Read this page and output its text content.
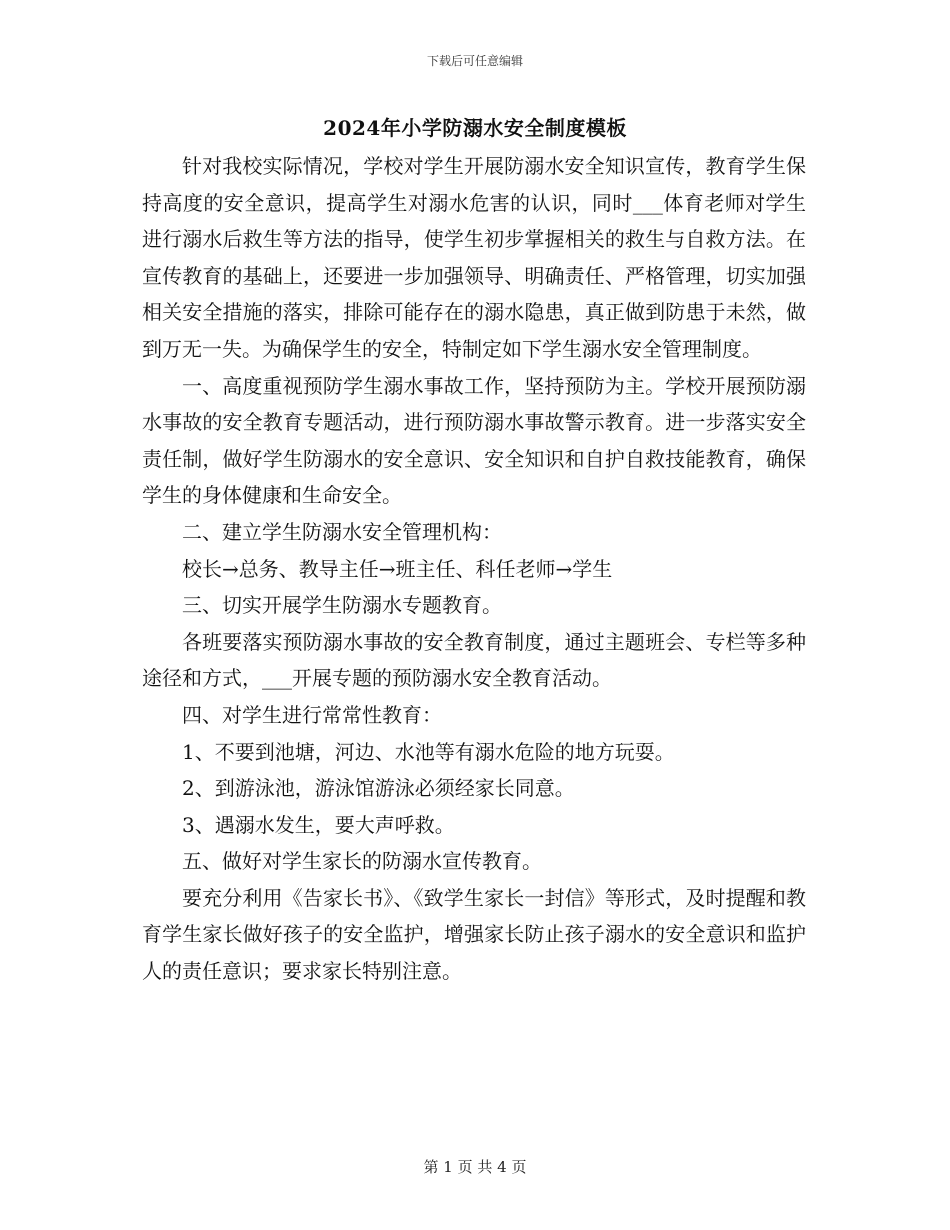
下载后可任意编辑
2024年小学防溺水安全制度模板

针对我校实际情况，学校对学生开展防溺水安全知识宣传，教育学生保持高度的安全意识，提高学生对溺水危害的认识，同时___体育老师对学生进行溺水后救生等方法的指导，使学生初步掌握相关的救生与自救方法。在宣传教育的基础上，还要进一步加强领导、明确责任、严格管理，切实加强相关安全措施的落实，排除可能存在的溺水隐患，真正做到防患于未然，做到万无一失。为确保学生的安全，特制定如下学生溺水安全管理制度。

一、高度重视预防学生溺水事故工作，坚持预防为主。学校开展预防溺水事故的安全教育专题活动，进行预防溺水事故警示教育。进一步落实安全责任制，做好学生防溺水的安全意识、安全知识和自护自救技能教育，确保学生的身体健康和生命安全。

二、建立学生防溺水安全管理机构：

校长→总务、教导主任→班主任、科任老师→学生

三、切实开展学生防溺水专题教育。

各班要落实预防溺水事故的安全教育制度，通过主题班会、专栏等多种途径和方式，___开展专题的预防溺水安全教育活动。

四、对学生进行常常性教育：

1、不要到池塘，河边、水池等有溺水危险的地方玩耍。

2、到游泳池，游泳馆游泳必须经家长同意。

3、遇溺水发生，要大声呼救。

五、做好对学生家长的防溺水宣传教育。

要充分利用《告家长书》、《致学生家长一封信》等形式，及时提醒和教育学生家长做好孩子的安全监护，增强家长防止孩子溺水的安全意识和监护人的责任意识；要求家长特别注意。

第 1 页 共 4 页
